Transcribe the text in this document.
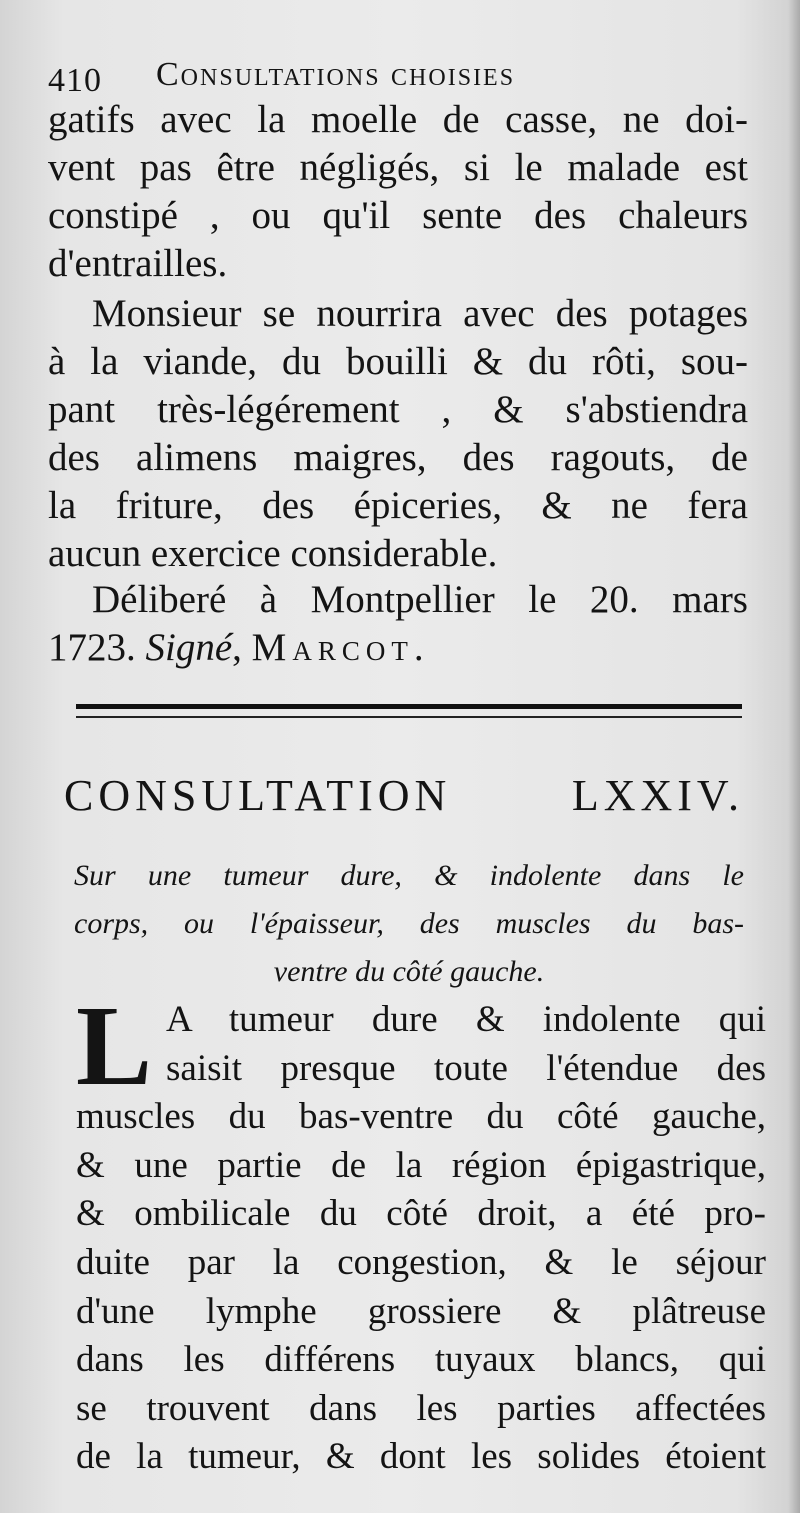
410 Consultations choisies
gatifs avec la moelle de casse, ne doi-
vent pas être négligés, si le malade est
constipé , ou qu'il sente des chaleurs
d'entrailles.
Monsieur se nourrira avec des potages
à la viande, du bouilli & du rôti, sou-
pant très-légérement , & s'abstiendra
des alimens maigres, des ragouts, de
la friture, des épiceries, & ne fera
aucun exercice considerable.
Déliberé à Montpellier le 20. mars
1723. Signé, Marcot.
CONSULTATION LXXIV.
Sur une tumeur dure, & indolente dans le
corps, ou l'épaisseur, des muscles du bas-
ventre du côté gauche.
L A tumeur dure & indolente qui
saisit presque toute l'étendue des
muscles du bas-ventre du côté gauche,
& une partie de la région épigastrique,
& ombilicale du côté droit, a été pro-
duite par la congestion, & le séjour
d'une lymphe grossiere & plâtreuse
dans les différens tuyaux blancs, qui
se trouvent dans les parties affectées
de la tumeur, & dont les solides étoient
